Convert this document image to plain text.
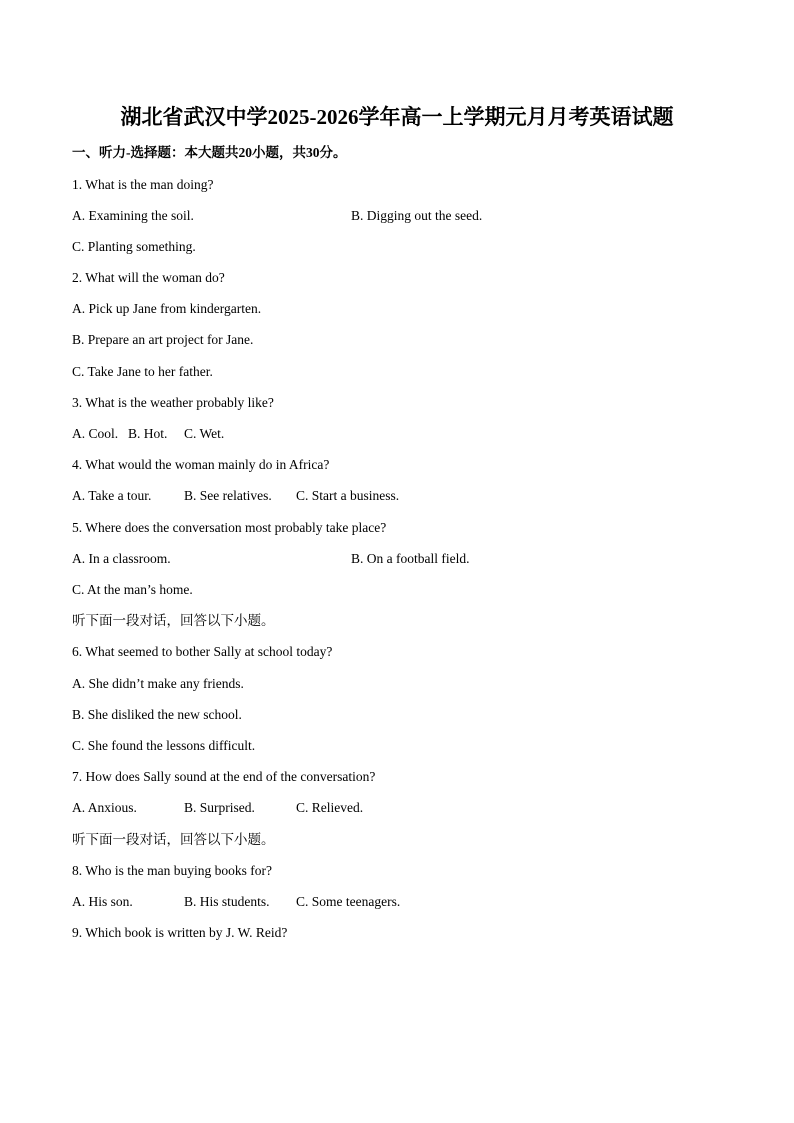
湖北省武汉中学2025-2026学年高一上学期元月月考英语试题
一、听力-选择题：本大题共20小题，共30分。
1. What is the man doing?
A. Examining the soil.	B. Digging out the seed.
C. Planting something.
2. What will the woman do?
A. Pick up Jane from kindergarten.
B. Prepare an art project for Jane.
C. Take Jane to her father.
3. What is the weather probably like?
A. Cool. B. Hot. C. Wet.
4. What would the woman mainly do in Africa?
A. Take a tour. B. See relatives. C. Start a business.
5. Where does the conversation most probably take place?
A. In a classroom.	B. On a football field.
C. At the man’s home.
听下面一段对话，回答以下小题。
6. What seemed to bother Sally at school today?
A. She didn’t make any friends.
B. She disliked the new school.
C. She found the lessons difficult.
7. How does Sally sound at the end of the conversation?
A. Anxious.	B. Surprised.	C. Relieved.
听下面一段对话，回答以下小题。
8. Who is the man buying books for?
A. His son.	B. His students. C. Some teenagers.
9. Which book is written by J. W. Reid?
